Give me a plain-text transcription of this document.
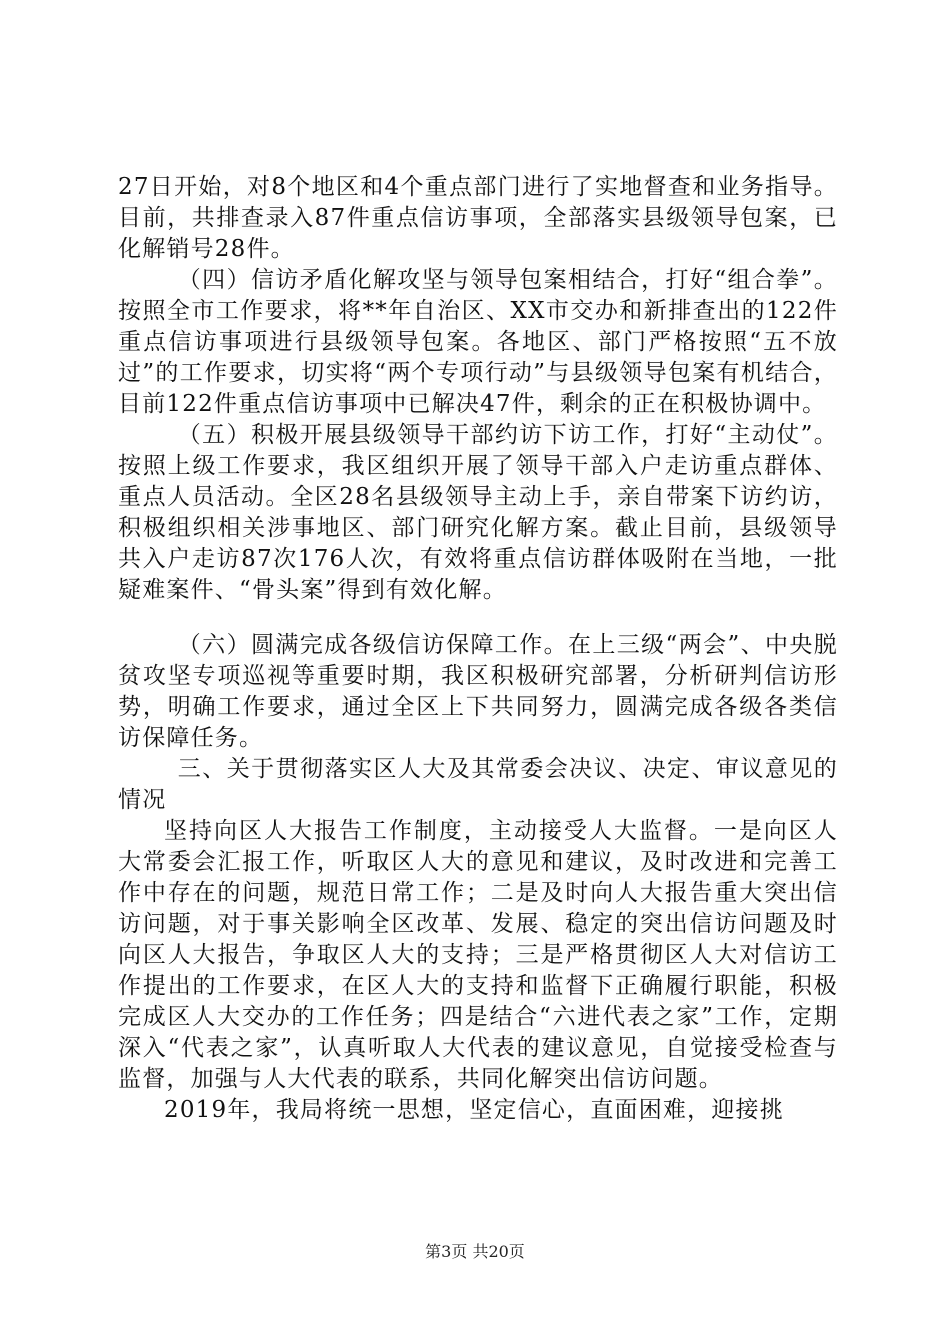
27日开始，对8个地区和4个重点部门进行了实地督查和业务指导。目前，共排查录入87件重点信访事项，全部落实县级领导包案，已化解销号28件。

（四）信访矛盾化解攻坚与领导包案相结合，打好“组合拳”。按照全市工作要求，将**年自治区、XX市交办和新排查出的122件重点信访事项进行县级领导包案。各地区、部门严格按照“五不放过”的工作要求，切实将“两个专项行动”与县级领导包案有机结合，目前122件重点信访事项中已解决47件，剩余的正在积极协调中。

（五）积极开展县级领导干部约访下访工作，打好“主动仗”。按照上级工作要求，我区组织开展了领导干部入户走访重点群体、重点人员活动。全区28名县级领导主动上手，亲自带案下访约访，积极组织相关涉事地区、部门研究化解方案。截止目前，县级领导共入户走访87次176人次，有效将重点信访群体吸附在当地，一批疑难案件、“骨头案”得到有效化解。

（六）圆满完成各级信访保障工作。在上三级“两会”、中央脱贫攻坚专项巡视等重要时期，我区积极研究部署，分析研判信访形势，明确工作要求，通过全区上下共同努力，圆满完成各级各类信访保障任务。

三、关于贯彻落实区人大及其常委会决议、决定、审议意见的情况

坚持向区人大报告工作制度，主动接受人大监督。一是向区人大常委会汇报工作，听取区人大的意见和建议，及时改进和完善工作中存在的问题，规范日常工作；二是及时向人大报告重大突出信访问题，对于事关影响全区改革、发展、稳定的突出信访问题及时向区人大报告，争取区人大的支持；三是严格贯彻区人大对信访工作提出的工作要求，在区人大的支持和监督下正确履行职能，积极完成区人大交办的工作任务；四是结合“六进代表之家”工作，定期深入“代表之家”，认真听取人大代表的建议意见，自觉接受检查与监督，加强与人大代表的联系，共同化解突出信访问题。

2019年，我局将统一思想，坚定信心，直面困难，迎接挑

第3页 共20页
